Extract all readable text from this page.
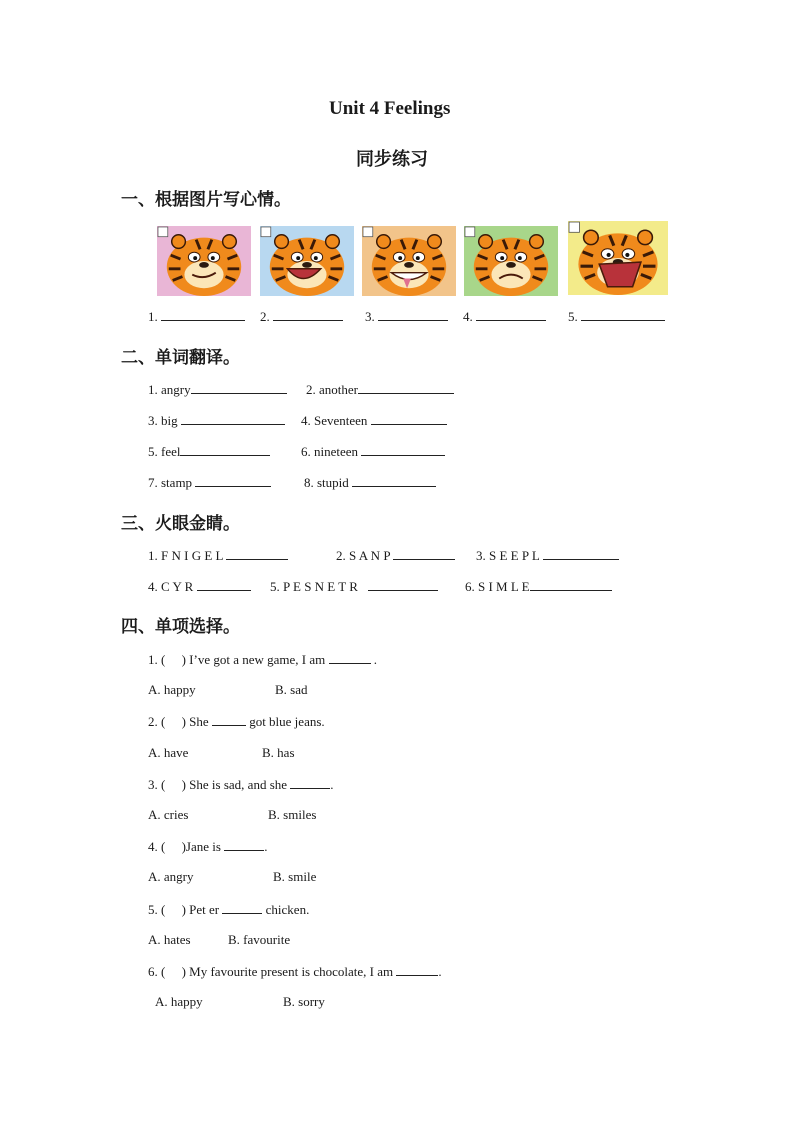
Unit 4 Feelings
同步练习
一、根据图片写心情。
1.	2.	3.	4.	5.
二、单词翻译。
1. angry	2. another
3. big	4. Seventeen
5. feel	6. nineteen
7. stamp	8. stupid
三、火眼金睛。
1. F N I G E L	2. S A N P	3. S E E P L
4. C Y R	5. P E S N E T R	6. S I M L E
四、单项选择。
1. ( ) I’ve got a new game, I am	.
A. happy	B. sad
2. ( ) She	got blue jeans.
A. have	B. has
3. ( ) She is sad, and she	.
A. cries	B. smiles
4. ( )Jane is	.
A. angry	B. smile
5. ( ) Pet er	chicken.
A. hates	B. favourite
6. ( ) My favourite present is chocolate, I am	.
A. happy	B. sorry
